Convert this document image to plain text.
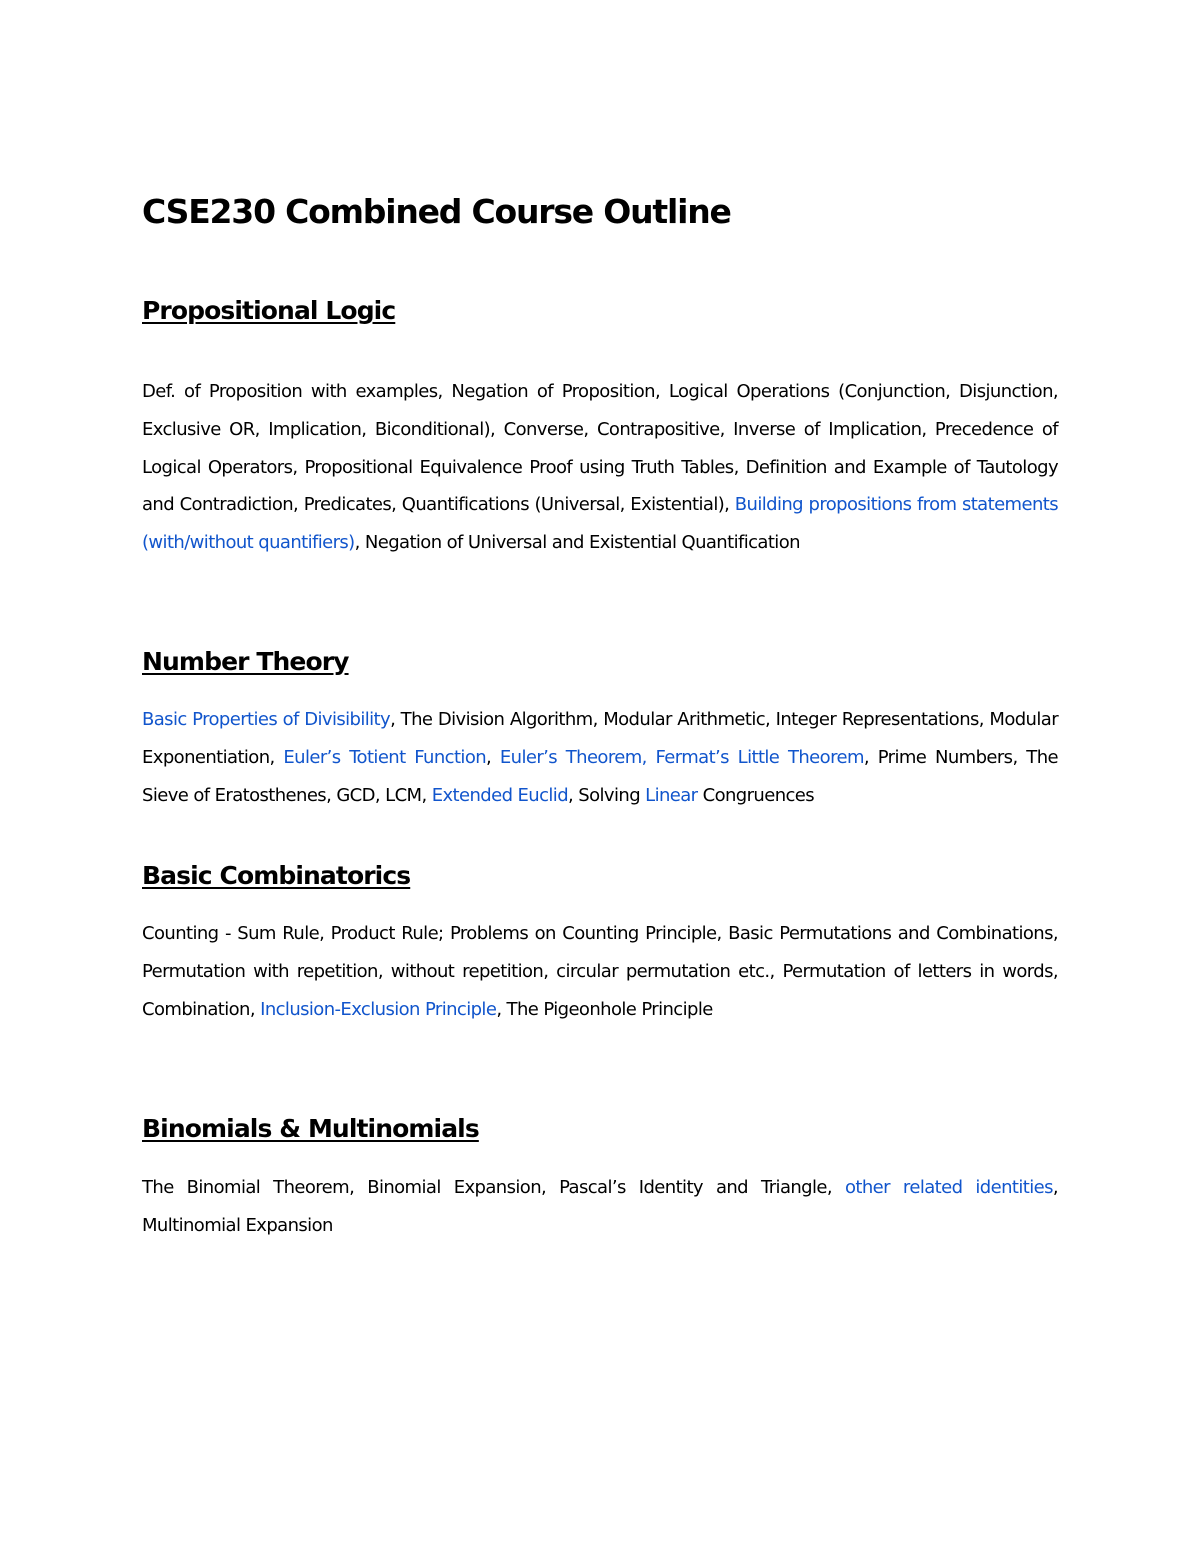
CSE230 Combined Course Outline
Propositional Logic

Def. of Proposition with examples, Negation of Proposition, Logical Operations (Conjunction, Disjunction, Exclusive OR, Implication, Biconditional), Converse, Contrapositive, Inverse of Implication, Precedence of Logical Operators, Propositional Equivalence Proof using Truth Tables, Definition and Example of Tautology and Contradiction, Predicates, Quantifications (Universal, Existential), Building propositions from statements (with/without quantifiers), Negation of Universal and Existential Quantification

Number Theory

Basic Properties of Divisibility, The Division Algorithm, Modular Arithmetic, Integer Representations, Modular Exponentiation, Euler’s Totient Function, Euler’s Theorem, Fermat’s Little Theorem, Prime Numbers, The Sieve of Eratosthenes, GCD, LCM, Extended Euclid, Solving Linear Congruences

Basic Combinatorics

Counting - Sum Rule, Product Rule; Problems on Counting Principle, Basic Permutations and Combinations, Permutation with repetition, without repetition, circular permutation etc., Permutation of letters in words, Combination, Inclusion-Exclusion Principle, The Pigeonhole Principle

Binomials & Multinomials

The Binomial Theorem, Binomial Expansion, Pascal’s Identity and Triangle, other related identities, Multinomial Expansion
